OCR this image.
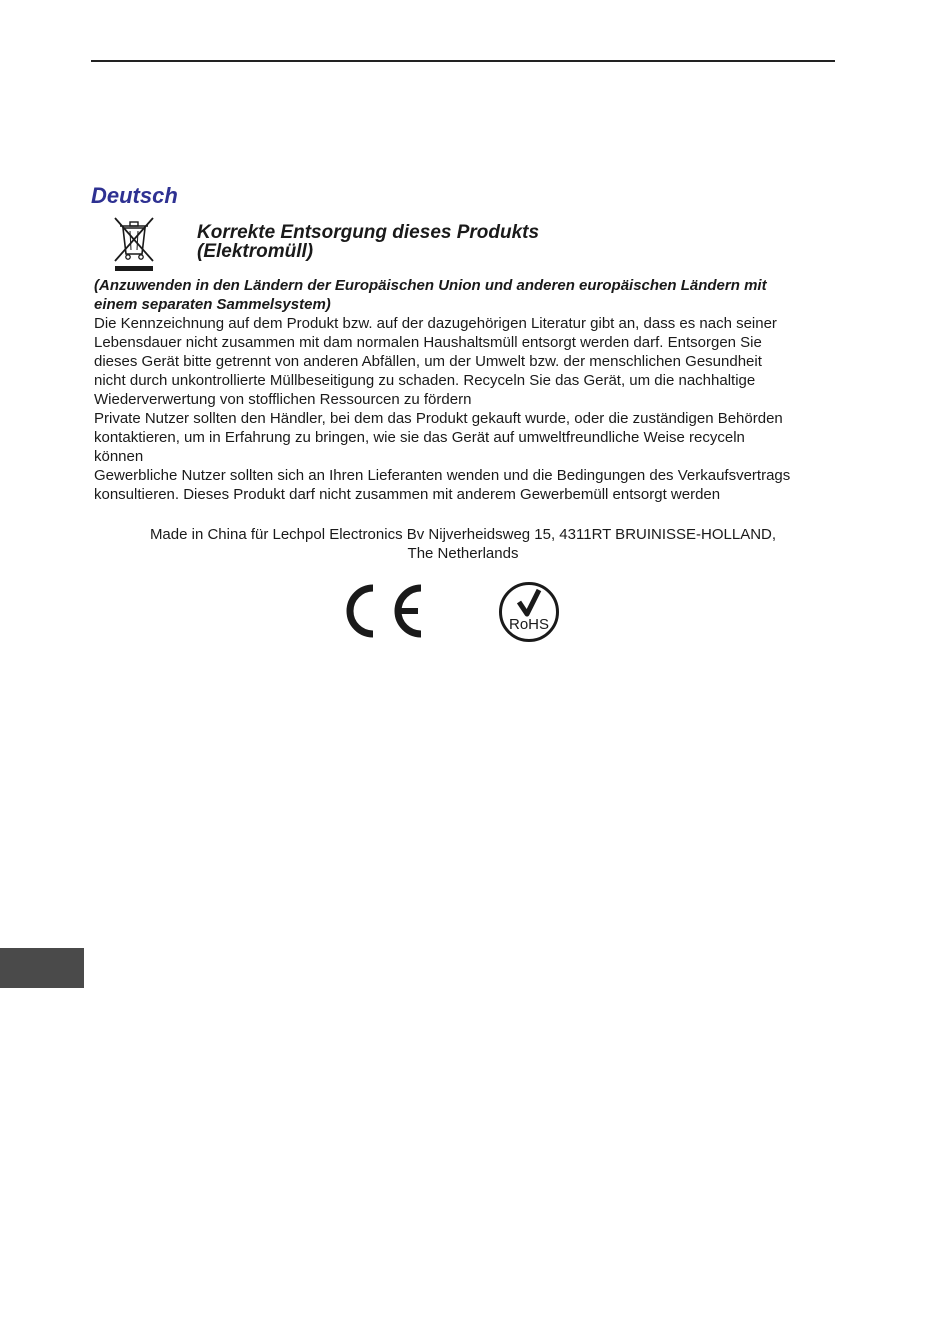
Deutsch
Korrekte Entsorgung dieses Produkts
(Elektromüll)

(Anzuwenden in den Ländern der Europäischen Union und anderen europäischen Ländern mit
einem separaten Sammelsystem)

Die Kennzeichnung auf dem Produkt bzw. auf der dazugehörigen Literatur gibt an, dass es nach seiner
Lebensdauer nicht zusammen mit dam normalen Haushaltsmüll entsorgt werden darf. Entsorgen Sie
dieses Gerät bitte getrennt von anderen Abfällen, um der Umwelt bzw. der menschlichen Gesundheit
nicht durch unkontrollierte Müllbeseitigung zu schaden. Recyceln Sie das Gerät, um die nachhaltige
Wiederverwertung von stofflichen Ressourcen zu fördern

Private Nutzer sollten den Händler, bei dem das Produkt gekauft wurde, oder die zuständigen Behörden
kontaktieren, um in Erfahrung zu bringen, wie sie das Gerät auf umweltfreundliche Weise recyceln
können

Gewerbliche Nutzer sollten sich an Ihren Lieferanten wenden und die Bedingungen des Verkaufsvertrags
konsultieren. Dieses Produkt darf nicht zusammen mit anderem Gewerbemüll entsorgt werden

Made in China für Lechpol Electronics Bv Nijverheidsweg 15, 4311RT BRUINISSE-HOLLAND,
The Netherlands
RoHS
